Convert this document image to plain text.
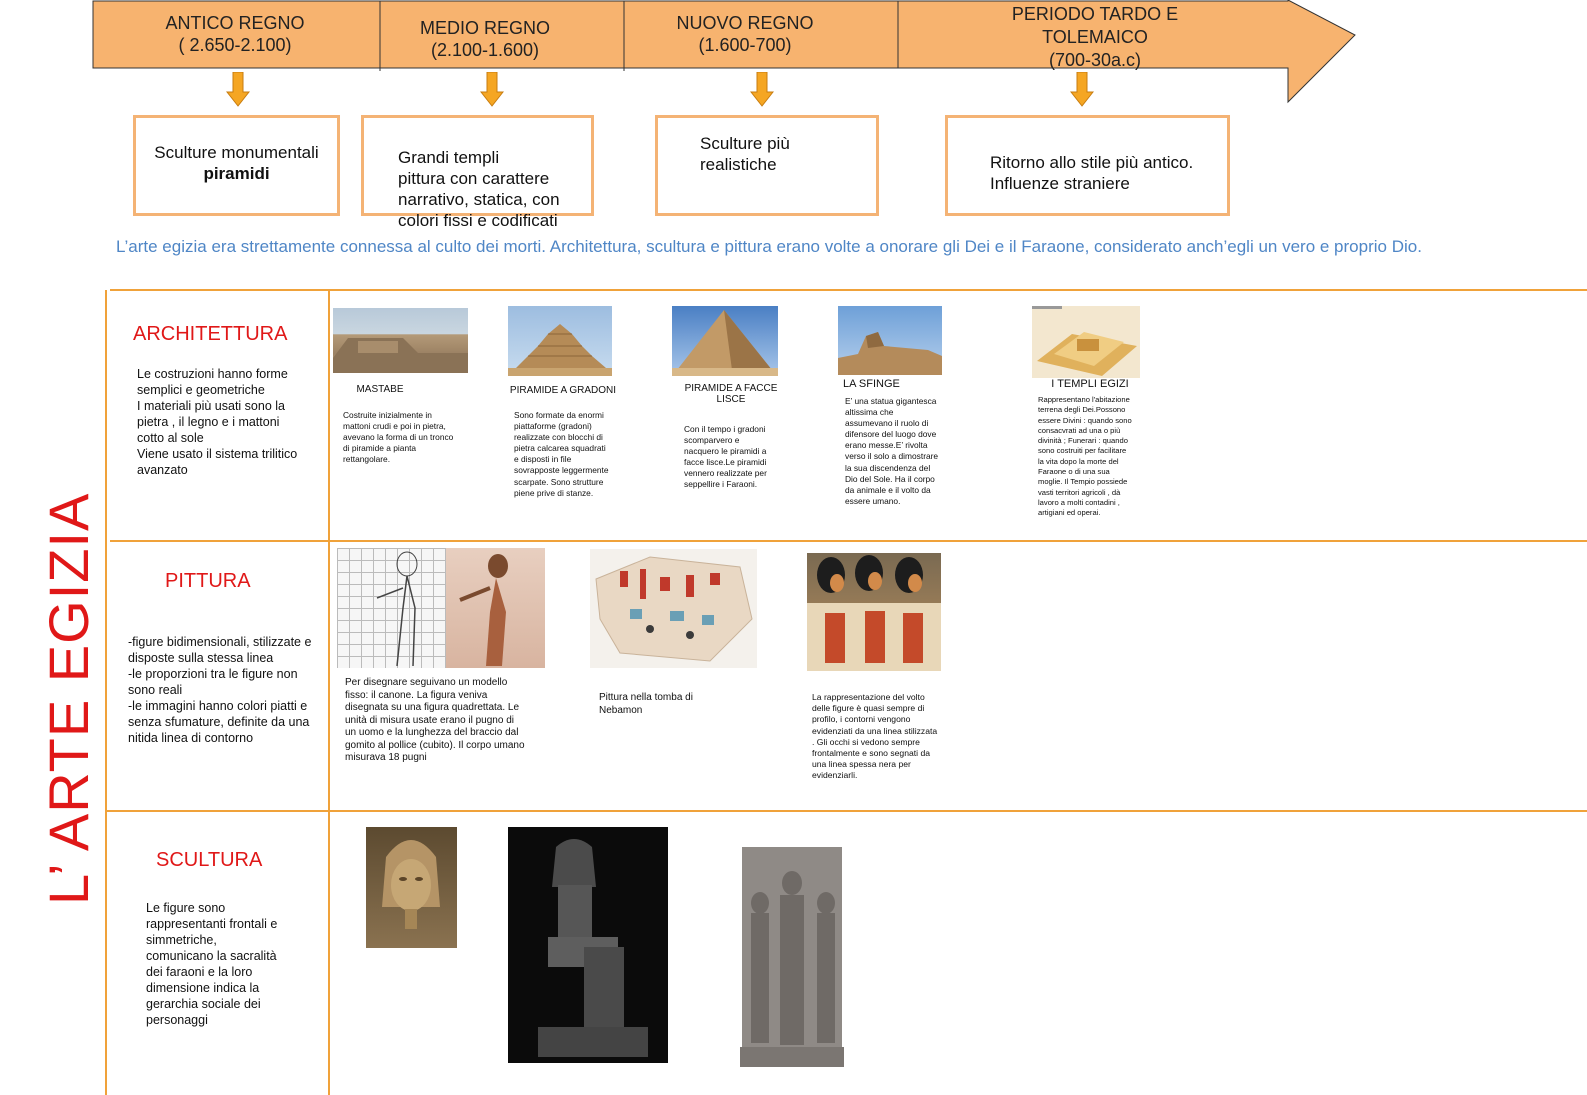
ANTICO REGNO
( 2.650-2.100)
MEDIO REGNO
(2.100-1.600)
NUOVO REGNO
(1.600-700)
PERIODO TARDO E TOLEMAICO
(700-30a.c)
Sculture monumentali
piramidi

Grandi templi
pittura con carattere narrativo, statica, con colori fissi e codificati

Sculture più realistiche	Ritorno allo stile più antico.
Influenze straniere

L’arte egizia era strettamente connessa al culto dei morti. Architettura, scultura e pittura erano volte a onorare gli Dei e il Faraone, considerato anch’egli un vero e proprio Dio.
L’ ARTE EGIZIA
ARCHITETTURA
Le costruzioni hanno forme semplici e geometriche
I materiali più usati sono la pietra , il legno e i mattoni cotto al sole
Viene usato il sistema trilitico avanzato
MASTABE
Costruite inizialmente in mattoni crudi e poi in pietra, avevano la forma di un tronco di piramide a pianta rettangolare.
PIRAMIDE A GRADONI
Sono formate da enormi piattaforme (gradoni) realizzate con blocchi di pietra calcarea squadrati e disposti in file sovrapposte leggermente scarpate. Sono strutture piene prive di stanze.
PIRAMIDE A FACCE LISCE
Con il tempo i gradoni scomparvero e nacquero le piramidi a facce lisce.Le piramidi vennero realizzate per seppellire i Faraoni.
LA SFINGE
E’ una statua gigantesca altissima che assumevano il ruolo di difensore del luogo dove erano messe.E’ rivolta verso il solo a dimostrare la sua discendenza del Dio del Sole. Ha il corpo da animale e il volto da essere umano.
I TEMPLI EGIZI
Rappresentano l'abitazione terrena degli Dei.Possono essere Divini : quando sono consacvrati ad una o più divinità ; Funerari : quando sono costruiti per facilitare la vita dopo la morte del Faraone o di una sua moglie. Il Tempio possiede vasti territori agricoli , dà lavoro a molti contadini , artigiani ed operai.
PITTURA
-figure bidimensionali, stilizzate e disposte sulla stessa linea
-le proporzioni tra le figure non sono reali
-le immagini hanno colori piatti e senza sfumature, definite da una nitida linea di contorno
Per disegnare seguivano un modello fisso: il canone. La figura veniva disegnata su una figura quadrettata. Le unità di misura usate erano il pugno di un uomo e la lunghezza del braccio dal gomito al pollice (cubito). Il corpo umano misurava 18 pugni
Pittura nella tomba di Nebamon
La rappresentazione del volto delle figure è quasi sempre di profilo, i contorni vengono evidenziati da una linea stilizzata . Gli occhi si vedono sempre frontalmente e sono segnati da una linea spessa nera per evidenziarli.
SCULTURA
Le figure sono rappresentanti frontali e simmetriche,
comunicano la sacralità dei faraoni e la loro dimensione indica la gerarchia sociale dei personaggi
